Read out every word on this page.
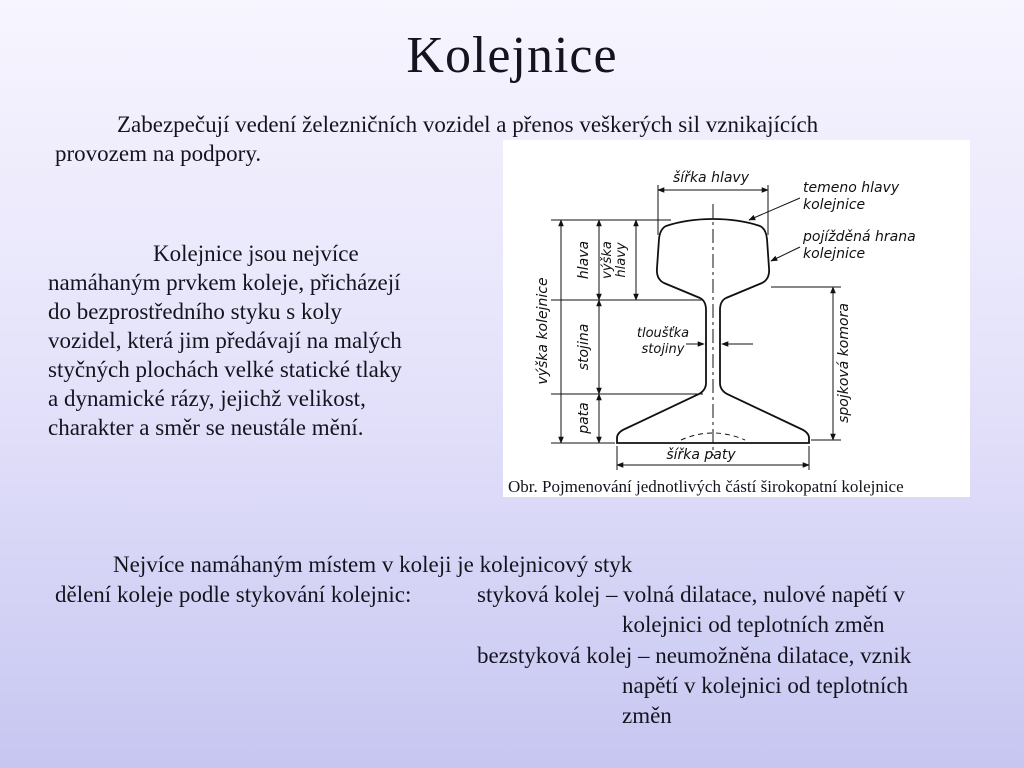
Kolejnice
Zabezpečují vedení železničních vozidel a přenos veškerých sil vznikajících
provozem na podpory.
Kolejnice jsou nejvíce
namáhaným prvkem koleje, přicházejí
do bezprostředního styku s koly
vozidel, která jim předávají na malých
styčných plochách velké statické tlaky
a dynamické rázy, jejichž velikost,
charakter a směr se neustále mění.
šířka hlavy
temeno hlavy
kolejnice
pojížděná hrana
kolejnice
výška kolejnice
výška hlavy
hlava
stojina
pata
tloušťka
stojiny	spojková komora
šířka paty
Obr. Pojmenování jednotlivých částí širokopatní kolejnice
Nejvíce namáhaným místem v koleji je kolejnicový styk
dělení koleje podle stykování kolejnic:	styková kolej – volná dilatace, nulové napětí v
kolejnici od teplotních změn
bezstyková kolej – neumožněna dilatace, vznik
napětí v kolejnici od teplotních
změn
